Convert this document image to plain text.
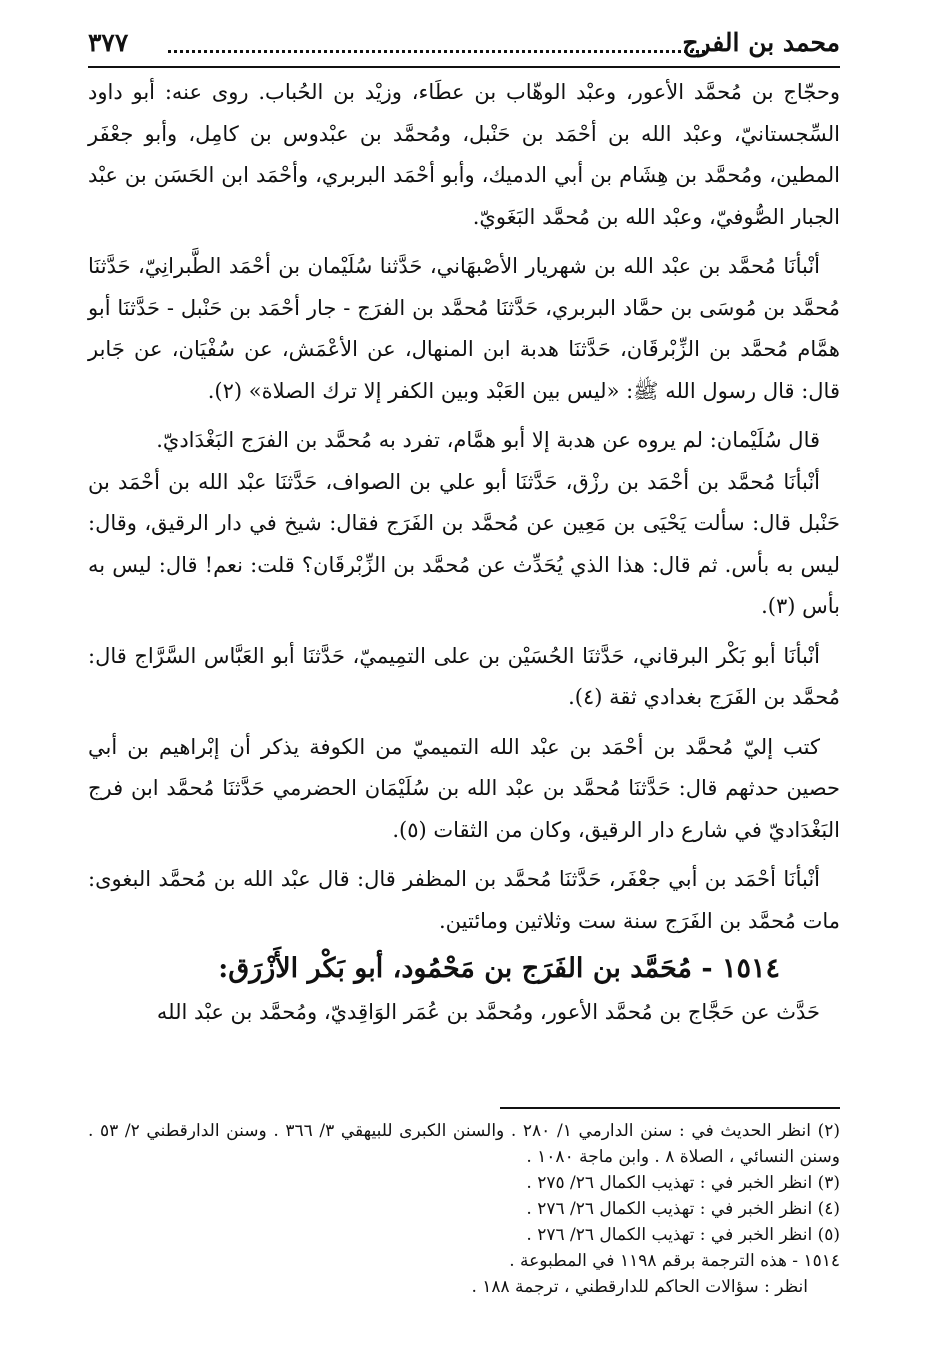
محمد بن الفرج
٣٧٧

وحجّاج بن مُحمَّد الأعور، وعبْد الوهّاب بن عطَاء، وزيْد بن الحُباب. روى عنه: أبو داود السِّجستانيّ، وعبْد الله بن أحْمَد بن حَنْبل، ومُحمَّد بن عبْدوس بن كامِل، وأبو جعْفَر المطين، ومُحمَّد بن هِشَام بن أبي الدميك، وأبو أحْمَد البربري، وأحْمَد ابن الحَسَن بن عبْد الجبار الصُّوفيّ، وعبْد الله بن مُحمَّد البَغَويّ.

أنْبأنَا مُحمَّد بن عبْد الله بن شهريار الأصْبهَاني، حَدَّثنا سُلَيْمان بن أحْمَد الطَّبرانِيّ، حَدَّثنَا مُحمَّد بن مُوسَى بن حمَّاد البربري، حَدَّثنَا مُحمَّد بن الفرَج - جار أحْمَد بن حَنْبل - حَدَّثنَا أبو همَّام مُحمَّد بن الزِّبْرقَان، حَدَّثنَا هدبة ابن المنهال، عن الأعْمَش، عن سُفْيَان، عن جَابر قال: قال رسول الله ﷺ: «ليس بين العَبْد وبين الكفر إلا ترك الصلاة» (٢).

قال سُلَيْمان: لم يروه عن هدبة إلا أبو همَّام، تفرد به مُحمَّد بن الفرَج البَغْدَاديّ.

أنْبأنَا مُحمَّد بن أحْمَد بن رزْق، حَدَّثنَا أبو علي بن الصواف، حَدَّثنَا عبْد الله بن أحْمَد بن حَنْبل قال: سألت يَحْيَى بن مَعِين عن مُحمَّد بن الفَرَج فقال: شيخ في دار الرقيق، وقال: ليس به بأس. ثم قال: هذا الذي يُحَدِّث عن مُحمَّد بن الزِّبْرقَان؟ قلت: نعم! قال: ليس به بأس (٣).

أنْبأنَا أبو بَكْر البرقاني، حَدَّثنَا الحُسَيْن بن على التمِيميّ، حَدَّثنَا أبو العَبَّاس السَّرَّاج قال: مُحمَّد بن الفَرَج بغدادي ثقة (٤).

كتب إليّ مُحمَّد بن أحْمَد بن عبْد الله التميميّ من الكوفة يذكر أن إبْراهيم بن أبي حصين حدثهم قال: حَدَّثنَا مُحمَّد بن عبْد الله بن سُلَيْمَان الحضرمي حَدَّثنَا مُحمَّد ابن فرج البَغْدَاديّ في شارع دار الرقيق، وكان من الثقات (٥).

أنْبأنَا أحْمَد بن أبي جعْفَر، حَدَّثنَا مُحمَّد بن المظفر قال: قال عبْد الله بن مُحمَّد البغوى: مات مُحمَّد بن الفَرَج سنة ست وثلاثين ومائتين.

١٥١٤ - مُحَمَّد بن الفَرَج بن مَحْمُود، أبو بَكْر الأَزْرَق:

حَدَّث عن حَجَّاج بن مُحمَّد الأعور، ومُحمَّد بن عُمَر الوَاقِديّ، ومُحمَّد بن عبْد الله

(٢) انظر الحديث في : سنن الدارمي ١/ ٢٨٠ . والسنن الكبرى للبيهقي ٣/ ٣٦٦ . وسنن الدارقطني ٢/ ٥٣ . وسنن النسائي ، الصلاة ٨ . وابن ماجة ١٠٨٠ .

(٣) انظر الخبر في : تهذيب الكمال ٢٦/ ٢٧٥ .

(٤) انظر الخبر في : تهذيب الكمال ٢٦/ ٢٧٦ .

(٥) انظر الخبر في : تهذيب الكمال ٢٦/ ٢٧٦ .

١٥١٤ - هذه الترجمة برقم ١١٩٨ في المطبوعة .

انظر : سؤالات الحاكم للدارقطني ، ترجمة ١٨٨ .
